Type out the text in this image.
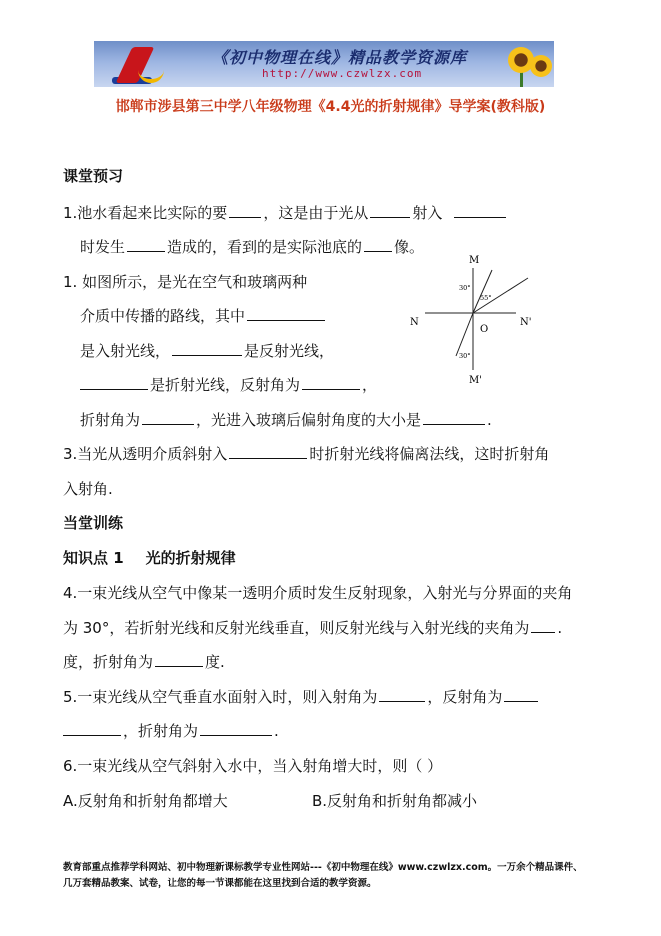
《初中物理在线》精品教学资源库
http://www.czwlzx.com
邯郸市涉县第三中学八年级物理《4.4光的折射规律》导学案(教科版)
课堂预习
1.池水看起来比实际的要 ，这是由于光从	射入
时发生	造成的，看到的是实际池底的 像。
1. 如图所示，是光在空气和玻璃两种
介质中传播的路线，其中
是入射光线，	是反射光线，
是折射光线，反射角为	，
折射角为	，光进入玻璃后偏射角度的大小是	.
M
M'
N	N'
O
30°
55°
30°
3.当光从透明介质斜射入	时折射光线将偏离法线，这时折射角
入射角.
当堂训练
知识点 1 光的折射规律
4.一束光线从空气中像某一透明介质时发生反射现象，入射光与分界面的夹角
为 30°，若折射光线和反射光线垂直，则反射光线与入射光线的夹角为 .
度，折射角为	度.
5.一束光线从空气垂直水面射入时，则入射角为	，反射角为
，折射角为	.
6.一束光线从空气斜射入水中，当入射角增大时，则（ ）
A.反射角和折射角都增大	B.反射角和折射角都减小
教育部重点推荐学科网站、初中物理新课标教学专业性网站---《初中物理在线》www.czwlzx.com。一万余个精品课件、
几万套精品教案、试卷，让您的每一节课都能在这里找到合适的教学资源。
